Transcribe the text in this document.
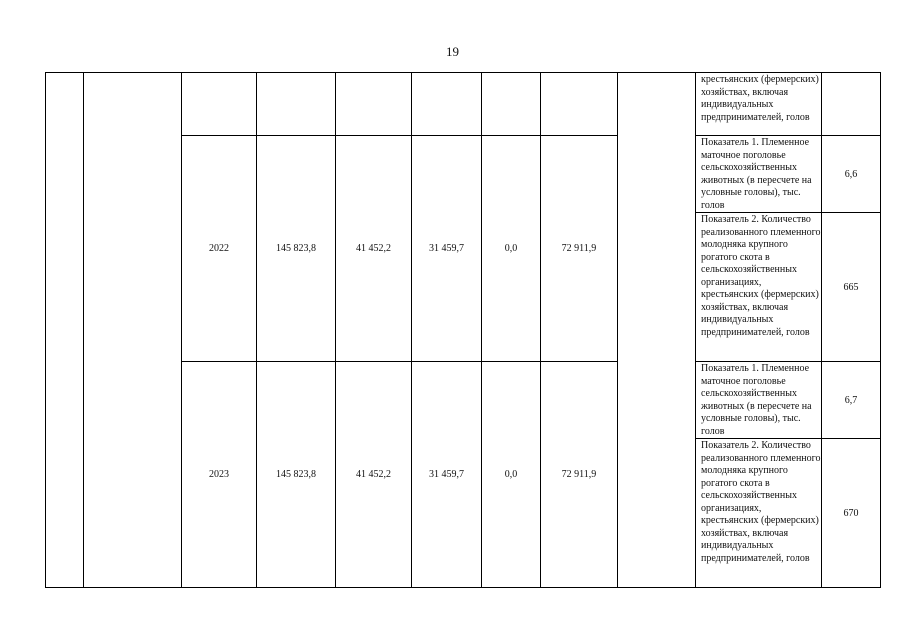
19
									крестьянских (фермерских) хозяйствах, включая индивидуальных предпринимателей, голов	
		2022	145 823,8	41 452,2	31 459,7	0,0	72 911,9		Показатель 1. Племенное маточное поголовье сельскохозяйственных животных (в пересчете на условные головы), тыс. голов	6,6
									Показатель 2. Количество реализованного племенного молодняка крупного рогатого скота в сельскохозяйственных организациях, крестьянских (фермерских) хозяйствах, включая индивидуальных предпринимателей, голов	665
		2023	145 823,8	41 452,2	31 459,7	0,0	72 911,9		Показатель 1. Племенное маточное поголовье сельскохозяйственных животных (в пересчете на условные головы), тыс. голов	6,7
									Показатель 2. Количество реализованного племенного молодняка крупного рогатого скота в сельскохозяйственных организациях, крестьянских (фермерских) хозяйствах, включая индивидуальных предпринимателей, голов	670
